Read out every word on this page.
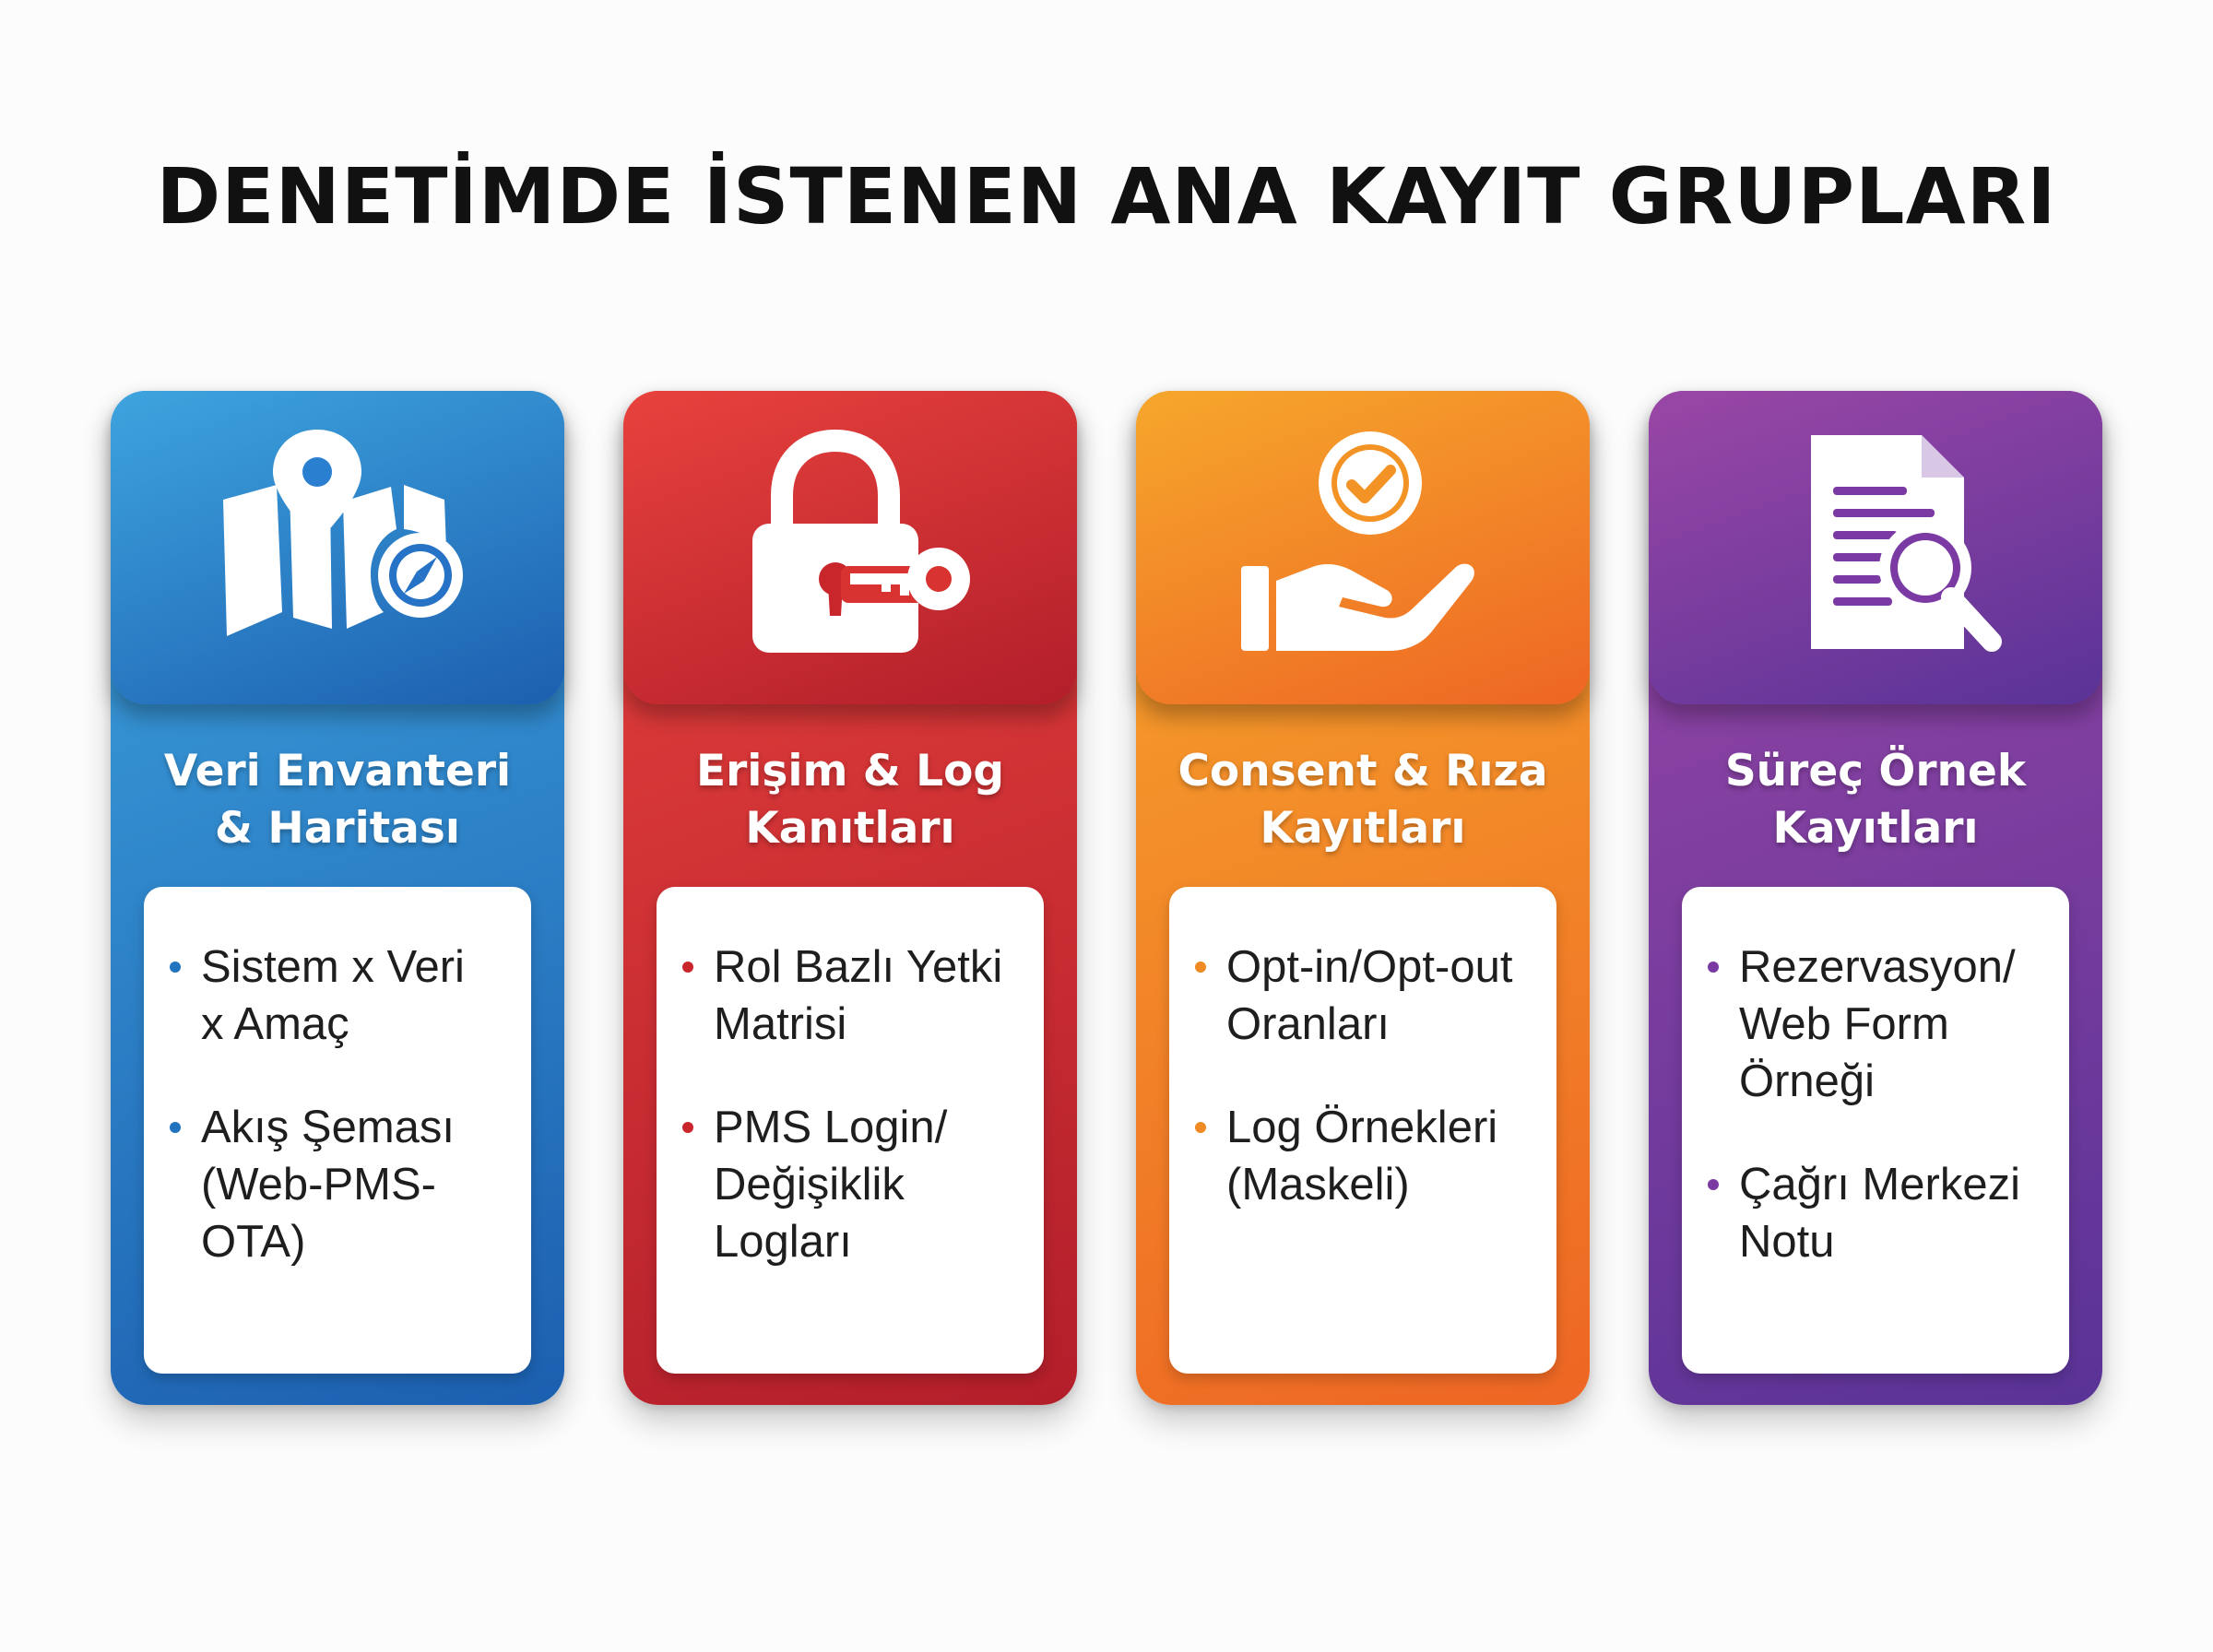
DENETİMDE İSTENEN ANA KAYIT GRUPLARI
Veri Envanteri
& Haritası
Sistem x Veri
x Amaç
Akış Şeması
(Web-PMS-
OTA)
Erişim & Log
Kanıtları
Rol Bazlı Yetki
Matrisi
PMS Login/
Değişiklik
Logları
Consent & Rıza
Kayıtları
Opt-in/Opt-out
Oranları
Log Örnekleri
(Maskeli)
Süreç Örnek
Kayıtları
Rezervasyon/
Web Form
Örneği
Çağrı Merkezi
Notu
